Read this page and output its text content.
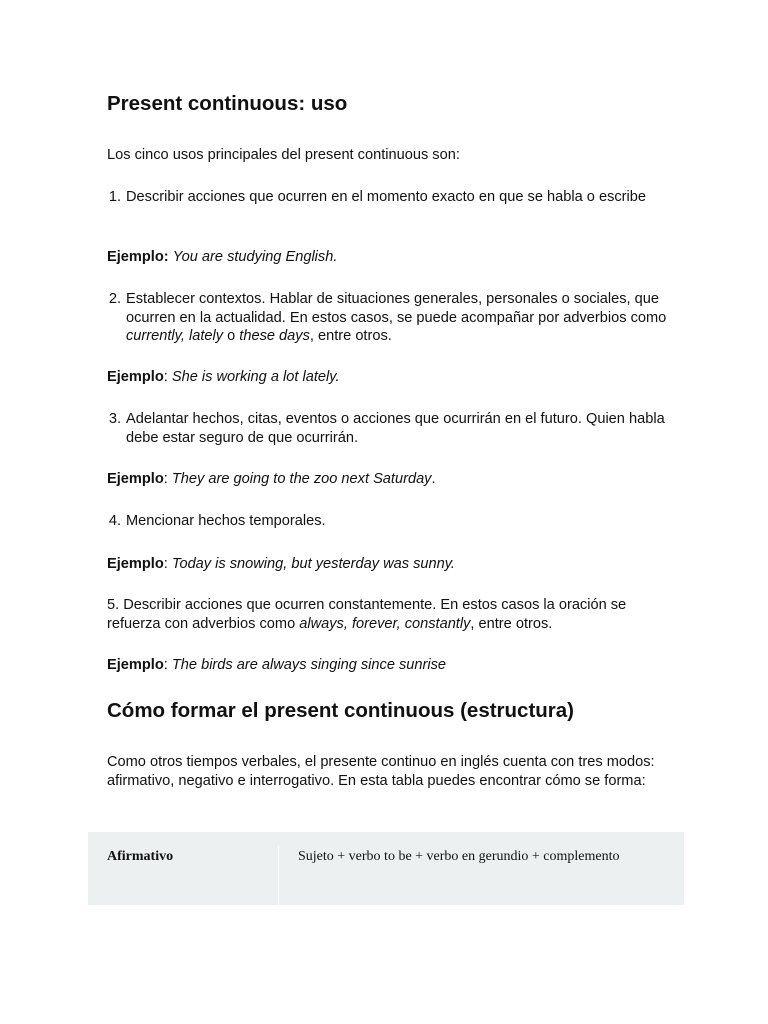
Present continuous: uso

Los cinco usos principales del present continuous son:

1. Describir acciones que ocurren en el momento exacto en que se habla o escribe

Ejemplo: You are studying English.

2. Establecer contextos. Hablar de situaciones generales, personales o sociales, que ocurren en la actualidad. En estos casos, se puede acompañar por adverbios como currently, lately o these days, entre otros.

Ejemplo: She is working a lot lately.

3. Adelantar hechos, citas, eventos o acciones que ocurrirán en el futuro. Quien habla debe estar seguro de que ocurrirán.

Ejemplo: They are going to the zoo next Saturday.

4. Mencionar hechos temporales.

Ejemplo: Today is snowing, but yesterday was sunny.

5. Describir acciones que ocurren constantemente. En estos casos la oración se refuerza con adverbios como always, forever, constantly, entre otros.

Ejemplo: The birds are always singing since sunrise

Cómo formar el present continuous (estructura)

Como otros tiempos verbales, el presente continuo en inglés cuenta con tres modos: afirmativo, negativo e interrogativo. En esta tabla puedes encontrar cómo se forma:

Afirmativo	Sujeto + verbo to be + verbo en gerundio + complemento
